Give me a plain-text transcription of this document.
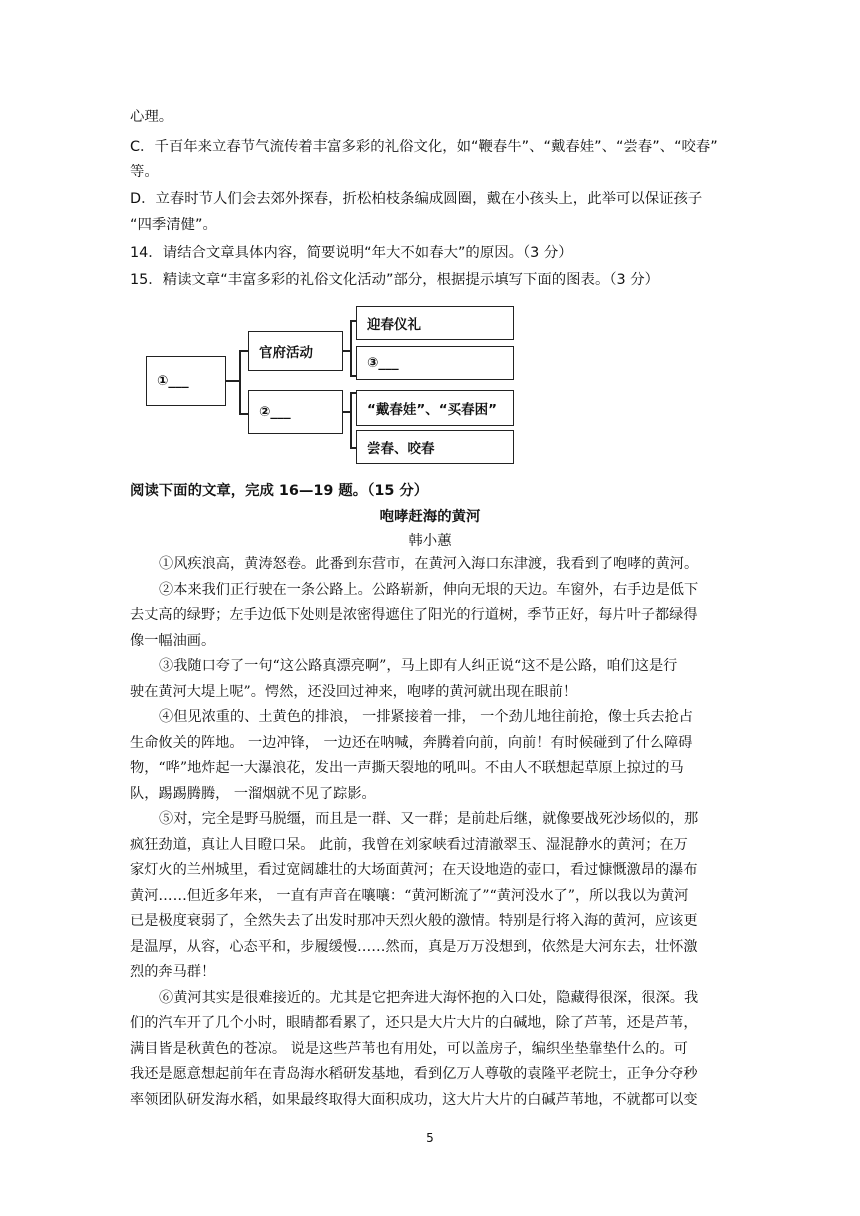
心理。
C．千百年来立春节气流传着丰富多彩的礼俗文化，如“鞭春牛”、“戴春娃”、“尝春”、“咬春”
等。
D．立春时节人们会去郊外探春，折松柏枝条编成圆圈，戴在小孩头上，此举可以保证孩子
“四季清健”。
14．请结合文章具体内容，简要说明“年大不如春大”的原因。（3 分）
15．精读文章“丰富多彩的礼俗文化活动”部分，根据提示填写下面的图表。（3 分）
①___
官府活动
②___
迎春仪礼
③___
“戴春娃”、“买春困”
尝春、咬春
阅读下面的文章，完成 16—19 题。（15 分）
咆哮赶海的黄河
韩小蕙
①风疾浪高，黄涛怒卷。此番到东营市，在黄河入海口东津渡，我看到了咆哮的黄河。
②本来我们正行驶在一条公路上。公路崭新，伸向无垠的天边。车窗外，右手边是低下
去丈高的绿野；左手边低下处则是浓密得遮住了阳光的行道树，季节正好，每片叶子都绿得
像一幅油画。
③我随口夸了一句“这公路真漂亮啊”，马上即有人纠正说“这不是公路，咱们这是行
驶在黄河大堤上呢”。愕然，还没回过神来，咆哮的黄河就出现在眼前！
④但见浓重的、土黄色的排浪， 一排紧接着一排， 一个劲儿地往前抢，像士兵去抢占
生命攸关的阵地。 一边冲锋， 一边还在呐喊，奔腾着向前，向前！有时候碰到了什么障碍
物，“哗”地炸起一大瀑浪花，发出一声撕天裂地的吼叫。不由人不联想起草原上掠过的马
队，踢踢腾腾， 一溜烟就不见了踪影。
⑤对，完全是野马脱缰，而且是一群、又一群；是前赴后继，就像要战死沙场似的，那
疯狂劲道，真让人目瞪口呆。 此前，我曾在刘家峡看过清澈翠玉、湿混静水的黄河；在万
家灯火的兰州城里，看过宽阔雄壮的大场面黄河；在天设地造的壶口，看过慷慨激昂的瀑布
黄河……但近多年来， 一直有声音在嚷嚷：“黄河断流了”“黄河没水了”，所以我以为黄河
已是极度衰弱了，全然失去了出发时那冲天烈火般的激情。特别是行将入海的黄河，应该更
是温厚，从容，心态平和，步履缓慢……然而，真是万万没想到，依然是大河东去，壮怀激
烈的奔马群！
⑥黄河其实是很难接近的。尤其是它把奔进大海怀抱的入口处，隐藏得很深，很深。我
们的汽车开了几个小时，眼睛都看累了，还只是大片大片的白碱地，除了芦苇，还是芦苇，
满目皆是秋黄色的苍凉。 说是这些芦苇也有用处，可以盖房子，编织坐垫靠垫什么的。可
我还是愿意想起前年在青岛海水稻研发基地，看到亿万人尊敬的袁隆平老院士，正争分夺秒
率领团队研发海水稻，如果最终取得大面积成功，这大片大片的白碱芦苇地，不就都可以变
5
